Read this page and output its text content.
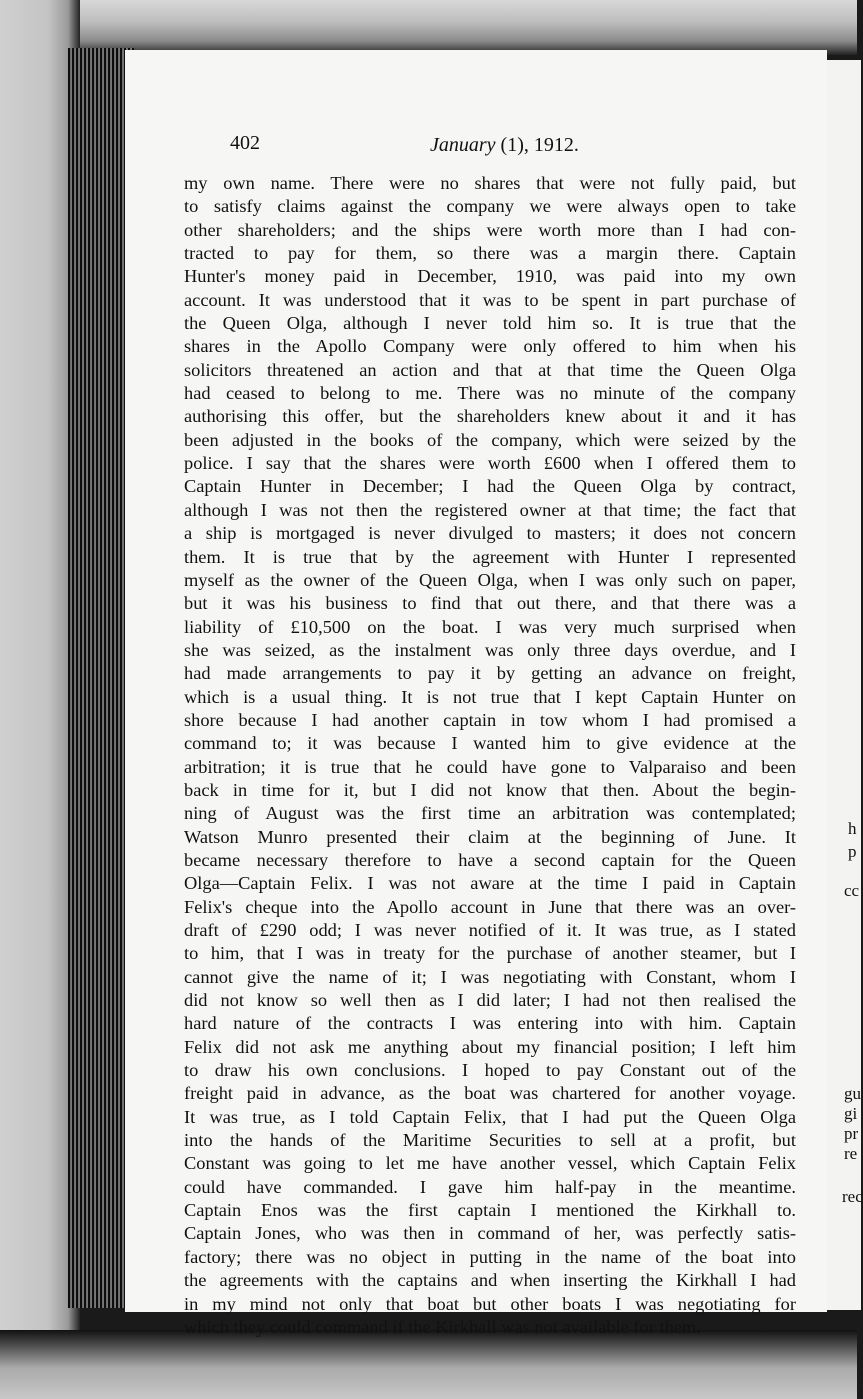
h
p
cc
gu
gi
pr
re
rec
402	January (1), 1912.
my own name. There were no shares that were not fully paid, but
to satisfy claims against the company we were always open to take
other shareholders; and the ships were worth more than I had con-
tracted to pay for them, so there was a margin there. Captain
Hunter's money paid in December, 1910, was paid into my own
account. It was understood that it was to be spent in part purchase of
the Queen Olga, although I never told him so. It is true that the
shares in the Apollo Company were only offered to him when his
solicitors threatened an action and that at that time the Queen Olga
had ceased to belong to me. There was no minute of the company
authorising this offer, but the shareholders knew about it and it has
been adjusted in the books of the company, which were seized by the
police. I say that the shares were worth £600 when I offered them to
Captain Hunter in December; I had the Queen Olga by contract,
although I was not then the registered owner at that time; the fact that
a ship is mortgaged is never divulged to masters; it does not concern
them. It is true that by the agreement with Hunter I represented
myself as the owner of the Queen Olga, when I was only such on paper,
but it was his business to find that out there, and that there was a
liability of £10,500 on the boat. I was very much surprised when
she was seized, as the instalment was only three days overdue, and I
had made arrangements to pay it by getting an advance on freight,
which is a usual thing. It is not true that I kept Captain Hunter on
shore because I had another captain in tow whom I had promised a
command to; it was because I wanted him to give evidence at the
arbitration; it is true that he could have gone to Valparaiso and been
back in time for it, but I did not know that then. About the begin-
ning of August was the first time an arbitration was contemplated;
Watson Munro presented their claim at the beginning of June. It
became necessary therefore to have a second captain for the Queen
Olga—Captain Felix. I was not aware at the time I paid in Captain
Felix's cheque into the Apollo account in June that there was an over-
draft of £290 odd; I was never notified of it. It was true, as I stated
to him, that I was in treaty for the purchase of another steamer, but I
cannot give the name of it; I was negotiating with Constant, whom I
did not know so well then as I did later; I had not then realised the
hard nature of the contracts I was entering into with him. Captain
Felix did not ask me anything about my financial position; I left him
to draw his own conclusions. I hoped to pay Constant out of the
freight paid in advance, as the boat was chartered for another voyage.
It was true, as I told Captain Felix, that I had put the Queen Olga
into the hands of the Maritime Securities to sell at a profit, but
Constant was going to let me have another vessel, which Captain Felix
could have commanded. I gave him half-pay in the meantime.
Captain Enos was the first captain I mentioned the Kirkhall to.
Captain Jones, who was then in command of her, was perfectly satis-
factory; there was no object in putting in the name of the boat into
the agreements with the captains and when inserting the Kirkhall I had
in my mind not only that boat but other boats I was negotiating for
which they could command if the Kirkhall was not available for them.
